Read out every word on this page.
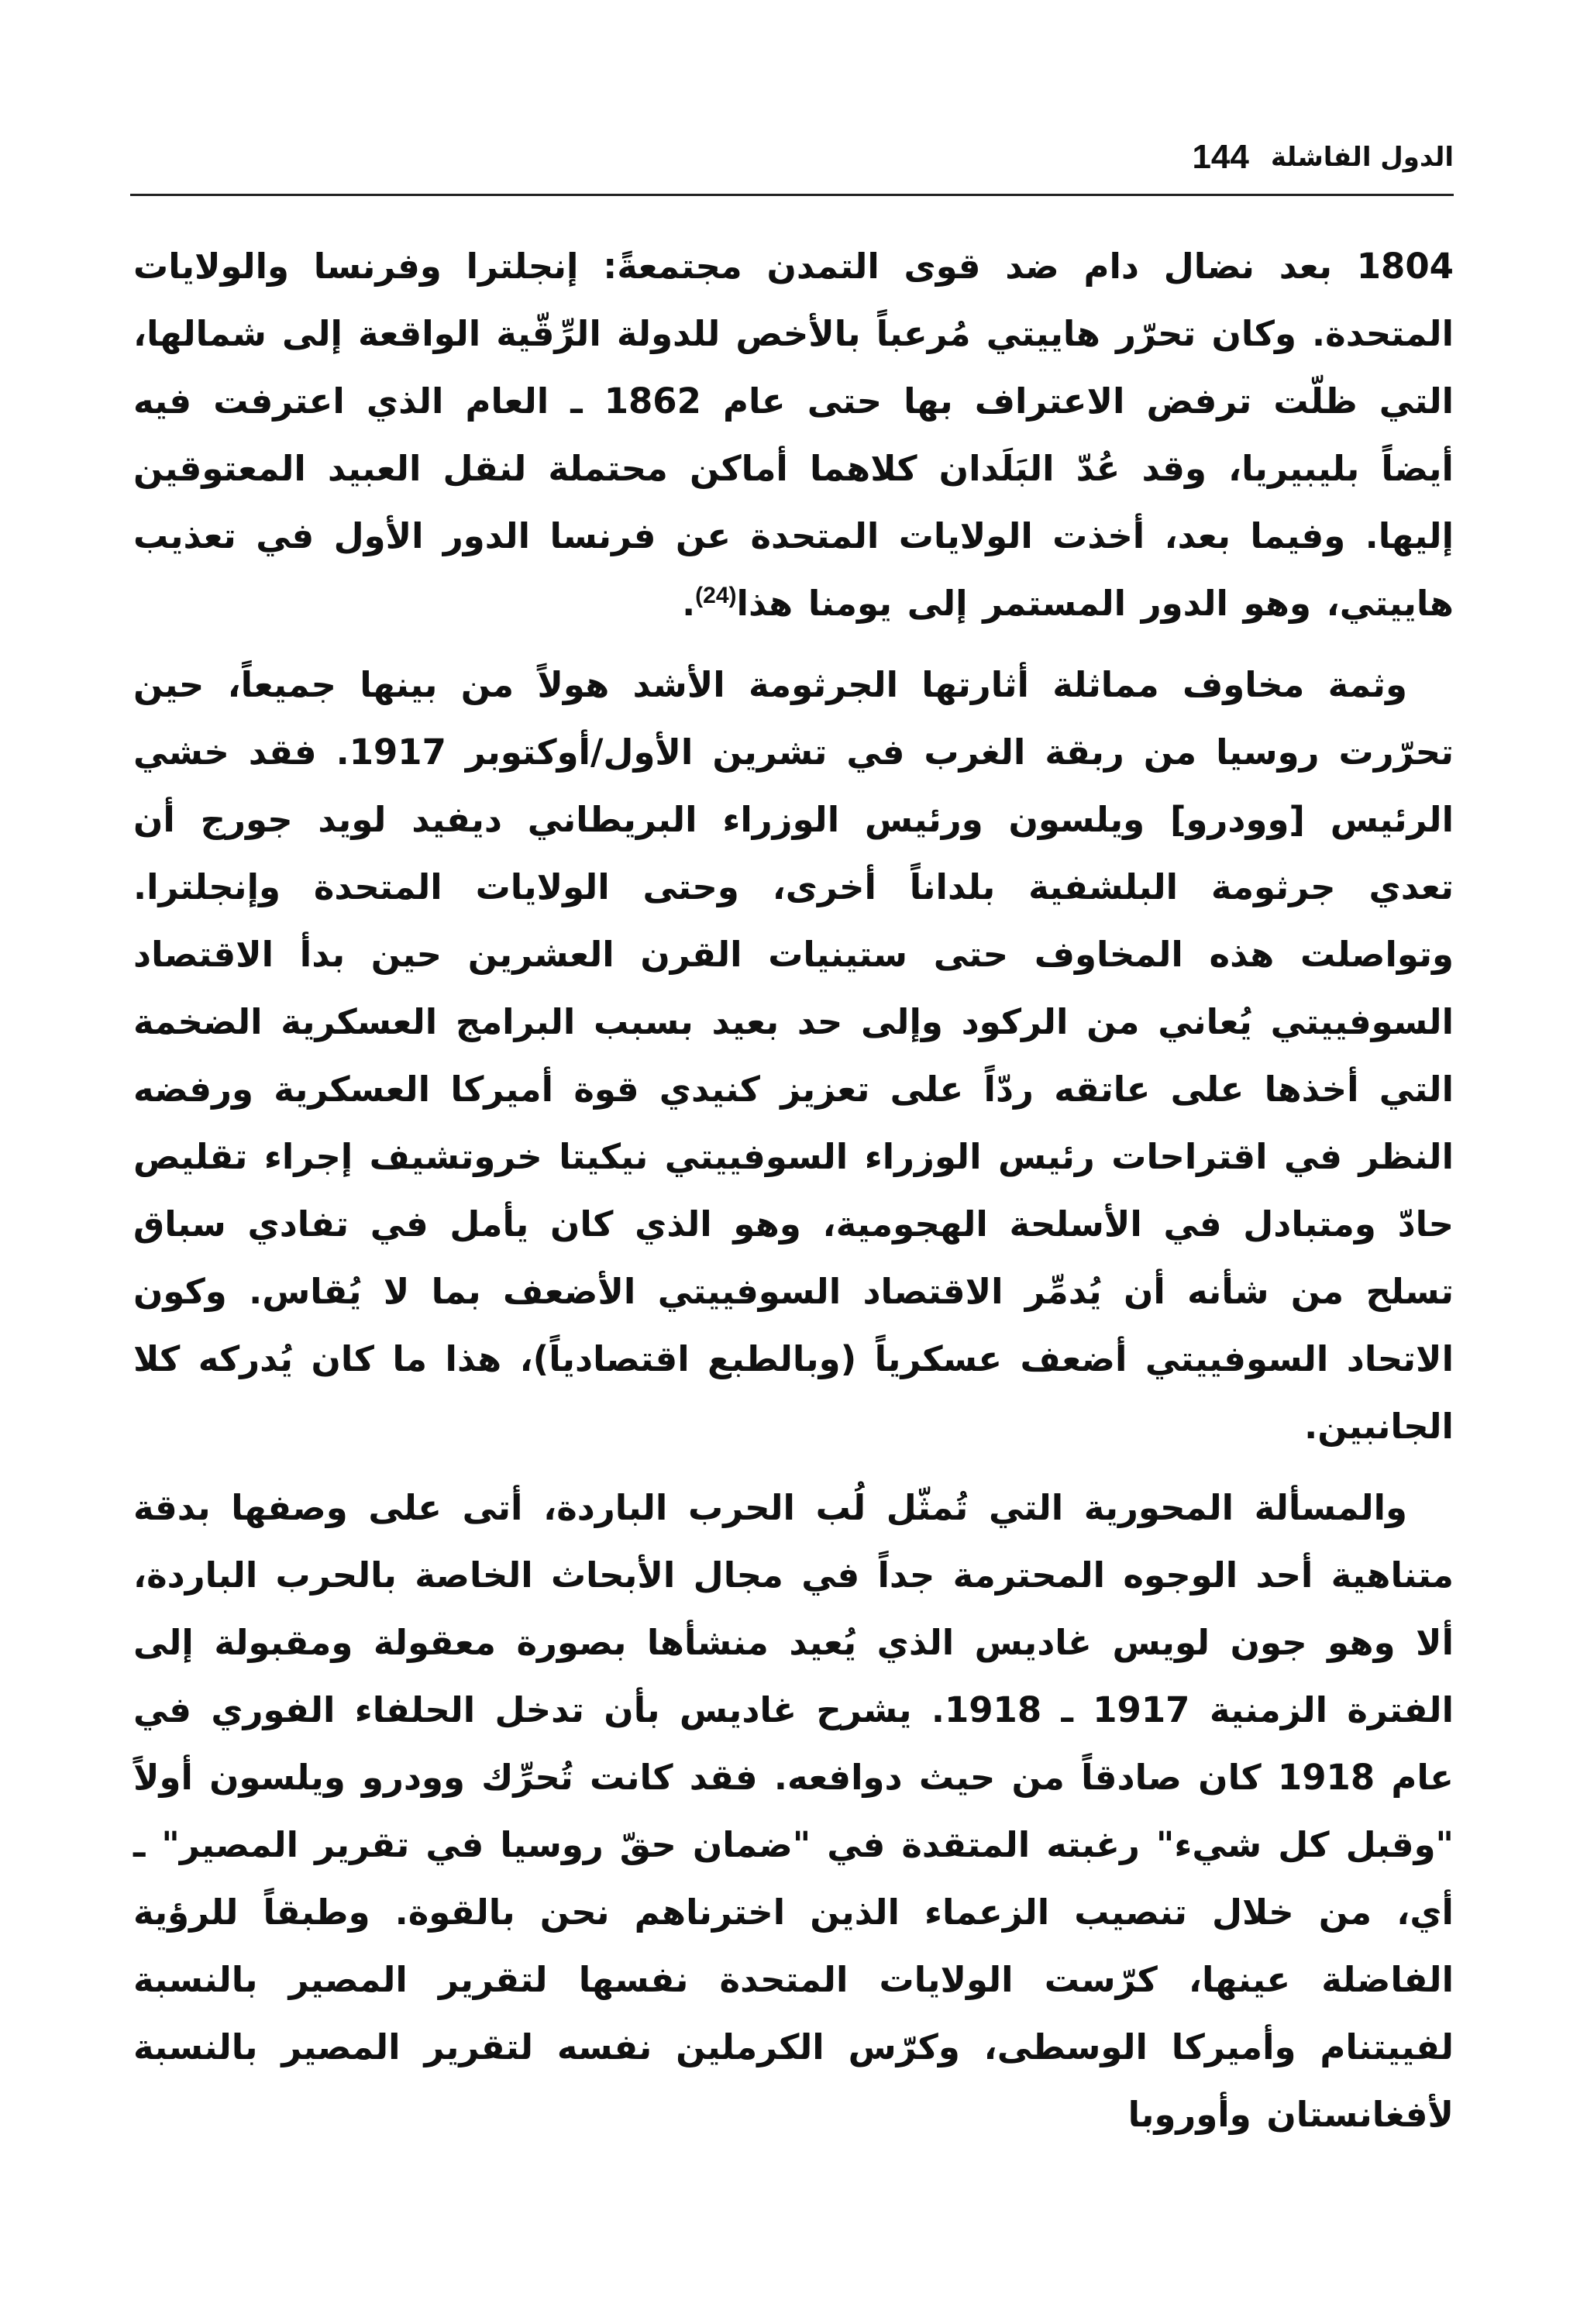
144 الدول الفاشلة

1804 بعد نضال دام ضد قوى التمدن مجتمعةً: إنجلترا وفرنسا والولايات المتحدة. وكان تحرّر هاييتي مُرعباً بالأخص للدولة الرِّقّية الواقعة إلى شمالها، التي ظلّت ترفض الاعتراف بها حتى عام 1862 ـ العام الذي اعترفت فيه أيضاً بليبيريا، وقد عُدّ البَلَدان كلاهما أماكن محتملة لنقل العبيد المعتوقين إليها. وفيما بعد، أخذت الولايات المتحدة عن فرنسا الدور الأول في تعذيب هاييتي، وهو الدور المستمر إلى يومنا هذا$^{(24)}$.

وثمة مخاوف مماثلة أثارتها الجرثومة الأشد هولاً من بينها جميعاً، حين تحرّرت روسيا من ربقة الغرب في تشرين الأول/أوكتوبر 1917. فقد خشي الرئيس [وودرو] ويلسون ورئيس الوزراء البريطاني ديفيد لويد جورج أن تعدي جرثومة البلشفية بلداناً أخرى، وحتى الولايات المتحدة وإنجلترا. وتواصلت هذه المخاوف حتى ستينيات القرن العشرين حين بدأ الاقتصاد السوفييتي يُعاني من الركود وإلى حد بعيد بسبب البرامج العسكرية الضخمة التي أخذها على عاتقه ردّاً على تعزيز كنيدي قوة أميركا العسكرية ورفضه النظر في اقتراحات رئيس الوزراء السوفييتي نيكيتا خروتشيف إجراء تقليص حادّ ومتبادل في الأسلحة الهجومية، وهو الذي كان يأمل في تفادي سباق تسلح من شأنه أن يُدمِّر الاقتصاد السوفييتي الأضعف بما لا يُقاس. وكون الاتحاد السوفييتي أضعف عسكرياً (وبالطبع اقتصادياً)، هذا ما كان يُدركه كلا الجانبين.

والمسألة المحورية التي تُمثّل لُب الحرب الباردة، أتى على وصفها بدقة متناهية أحد الوجوه المحترمة جداً في مجال الأبحاث الخاصة بالحرب الباردة، ألا وهو جون لويس غاديس الذي يُعيد منشأها بصورة معقولة ومقبولة إلى الفترة الزمنية 1917 ـ 1918. يشرح غاديس بأن تدخل الحلفاء الفوري في عام 1918 كان صادقاً من حيث دوافعه. فقد كانت تُحرِّك وودرو ويلسون أولاً "وقبل كل شيء" رغبته المتقدة في "ضمان حقّ روسيا في تقرير المصير" ـ أي، من خلال تنصيب الزعماء الذين اخترناهم نحن بالقوة. وطبقاً للرؤية الفاضلة عينها، كرّست الولايات المتحدة نفسها لتقرير المصير بالنسبة لفييتنام وأميركا الوسطى، وكرّس الكرملين نفسه لتقرير المصير بالنسبة لأفغانستان وأوروبا
